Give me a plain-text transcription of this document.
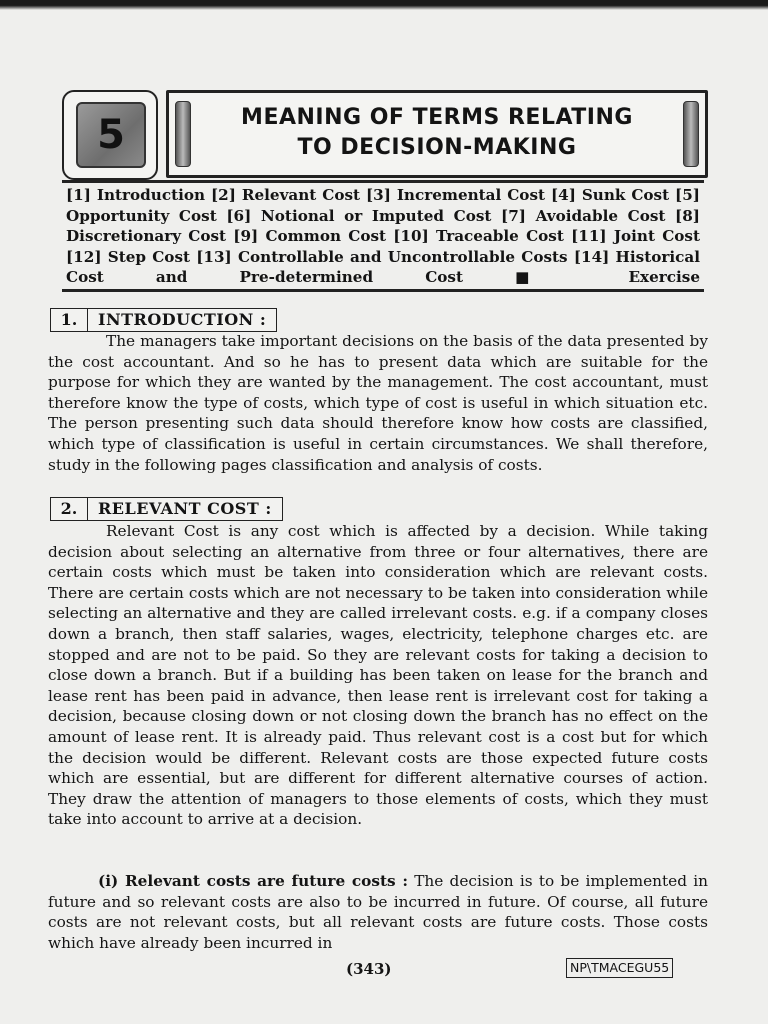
5	MEANING OF TERMS RELATING
TO DECISION-MAKING
[1] Introduction [2] Relevant Cost [3] Incremental Cost [4] Sunk Cost [5] Opportunity Cost [6] Notional or Imputed Cost [7] Avoidable Cost [8] Discretionary Cost [9] Common Cost [10] Traceable Cost [11] Joint Cost [12] Step Cost [13] Controllable and Uncontrollable Costs [14] Historical Cost and Pre-determined Cost ■ Exercise
1.	INTRODUCTION :

The managers take important decisions on the basis of the data presented by the cost accountant. And so he has to present data which are suitable for the purpose for which they are wanted by the management. The cost accountant, must therefore know the type of costs, which type of cost is useful in which situation etc. The person presenting such data should therefore know how costs are classified, which type of classification is useful in certain circumstances. We shall therefore, study in the following pages classification and analysis of costs.

2.	RELEVANT COST :

Relevant Cost is any cost which is affected by a decision. While taking decision about selecting an alternative from three or four alternatives, there are certain costs which must be taken into consideration which are relevant costs. There are certain costs which are not necessary to be taken into consideration while selecting an alternative and they are called irrelevant costs. e.g. if a company closes down a branch, then staff salaries, wages, electricity, telephone charges etc. are stopped and are not to be paid. So they are relevant costs for taking a decision to close down a branch. But if a building has been taken on lease for the branch and lease rent has been paid in advance, then lease rent is irrelevant cost for taking a decision, because closing down or not closing down the branch has no effect on the amount of lease rent. It is already paid. Thus relevant cost is a cost but for which the decision would be different. Relevant costs are those expected future costs which are essential, but are different for different alternative courses of action. They draw the attention of managers to those elements of costs, which they must take into account to arrive at a decision.

(i) Relevant costs are future costs : The decision is to be implemented in future and so relevant costs are also to be incurred in future. Of course, all future costs are not relevant costs, but all relevant costs are future costs. Those costs which have already been incurred in

(343)	NP\TMACEGU55
